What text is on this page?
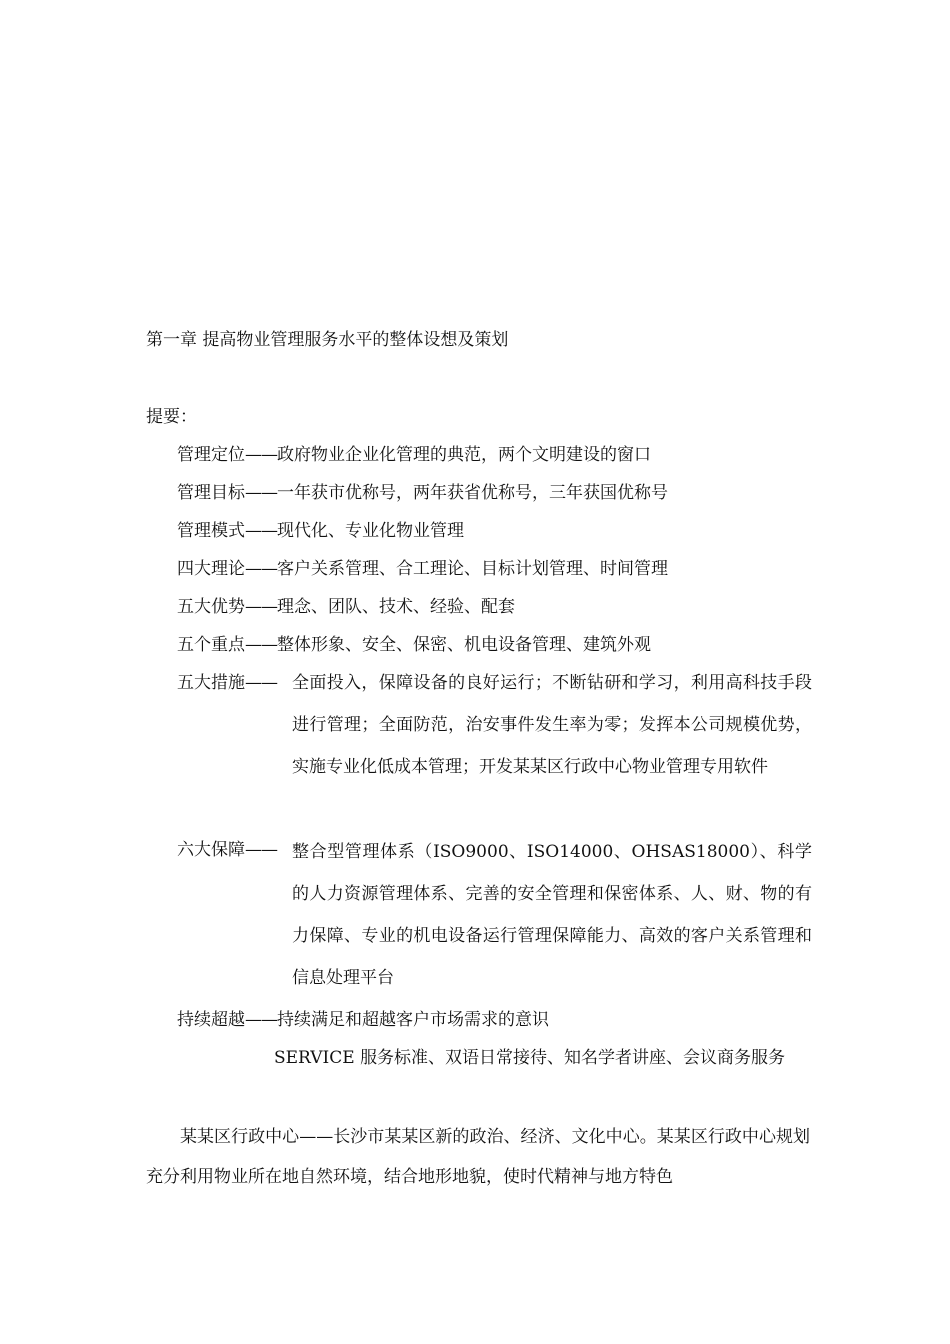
第一章 提高物业管理服务水平的整体设想及策划
提要：
管理定位——政府物业企业化管理的典范，两个文明建设的窗口
管理目标——一年获市优称号，两年获省优称号，三年获国优称号
管理模式——现代化、专业化物业管理
四大理论——客户关系管理、合工理论、目标计划管理、时间管理
五大优势——理念、团队、技术、经验、配套
五个重点——整体形象、安全、保密、机电设备管理、建筑外观
五大措施—— 全面投入，保障设备的良好运行；不断钻研和学习，利用高科技手段进行管理；全面防范，治安事件发生率为零；发挥本公司规模优势，实施专业化低成本管理；开发某某区行政中心物业管理专用软件
六大保障—— 整合型管理体系（ISO9000、ISO14000、OHSAS18000）、科学的人力资源管理体系、完善的安全管理和保密体系、人、财、物的有力保障、专业的机电设备运行管理保障能力、高效的客户关系管理和信息处理平台
持续超越——持续满足和超越客户市场需求的意识
SERVICE 服务标准、双语日常接待、知名学者讲座、会议商务服务
某某区行政中心——长沙市某某区新的政治、经济、文化中心。某某区行政中心规划充分利用物业所在地自然环境，结合地形地貌，使时代精神与地方特色
